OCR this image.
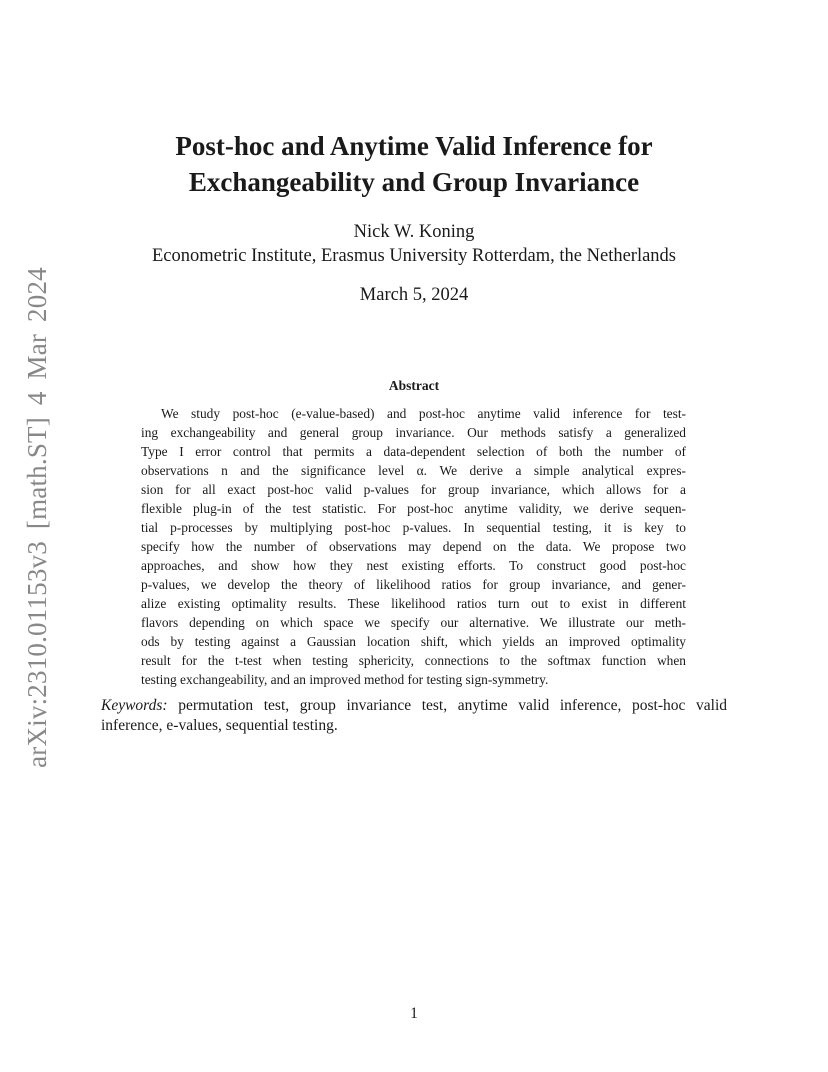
arXiv:2310.01153v3 [math.ST] 4 Mar 2024
Post-hoc and Anytime Valid Inference for
Exchangeability and Group Invariance
Nick W. Koning
Econometric Institute, Erasmus University Rotterdam, the Netherlands
March 5, 2024
Abstract
We study post-hoc (e-value-based) and post-hoc anytime valid inference for test-
ing exchangeability and general group invariance. Our methods satisfy a generalized
Type I error control that permits a data-dependent selection of both the number of
observations n and the significance level α. We derive a simple analytical expres-
sion for all exact post-hoc valid p-values for group invariance, which allows for a
flexible plug-in of the test statistic. For post-hoc anytime validity, we derive sequen-
tial p-processes by multiplying post-hoc p-values. In sequential testing, it is key to
specify how the number of observations may depend on the data. We propose two
approaches, and show how they nest existing efforts. To construct good post-hoc
p-values, we develop the theory of likelihood ratios for group invariance, and gener-
alize existing optimality results. These likelihood ratios turn out to exist in different
flavors depending on which space we specify our alternative. We illustrate our meth-
ods by testing against a Gaussian location shift, which yields an improved optimality
result for the t-test when testing sphericity, connections to the softmax function when
testing exchangeability, and an improved method for testing sign-symmetry.
Keywords: permutation test, group invariance test, anytime valid inference, post-hoc valid
inference, e-values, sequential testing.
1
